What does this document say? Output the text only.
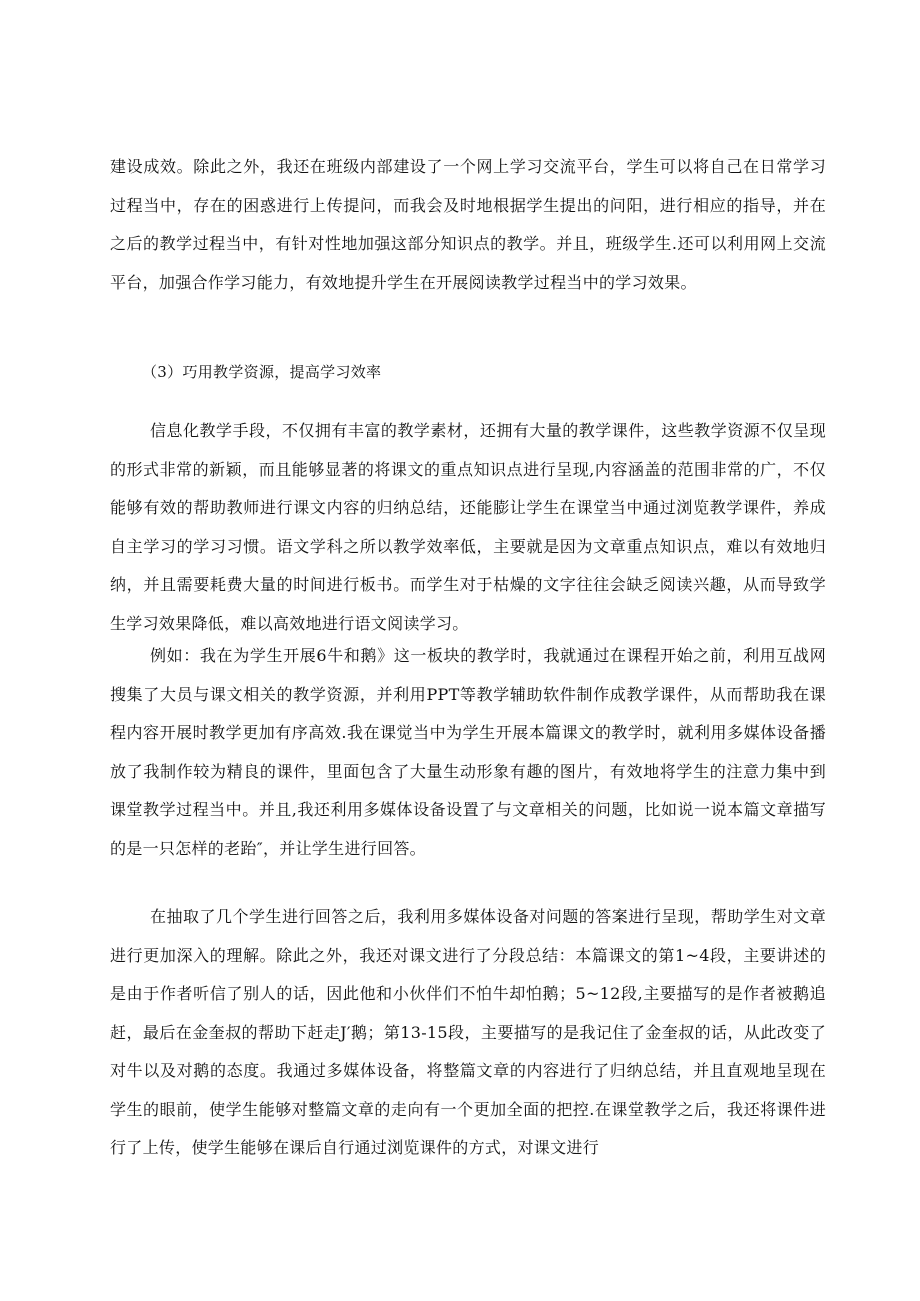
建设成效。除此之外，我还在班级内部建设了一个网上学习交流平台，学生可以将自己在日常学习过程当中，存在的困惑进行上传提问，而我会及时地根据学生提出的问阳，进行相应的指导，并在之后的教学过程当中，有针对性地加强这部分知识点的教学。并且，班级学生.还可以利用网上交流平台，加强合作学习能力，有效地提升学生在开展阅读教学过程当中的学习效果。

（3）巧用教学资源，提高学习效率

信息化教学手段，不仅拥有丰富的教学素材，还拥有大量的教学课件，这些教学资源不仅呈现的形式非常的新颖，而且能够显著的将课文的重点知识点进行呈现,内容涵盖的范围非常的广，不仅能够有效的帮助教师进行课文内容的归纳总结，还能膨让学生在课堂当中通过浏览教学课件，养成自主学习的学习习惯。语文学科之所以教学效率低，主要就是因为文章重点知识点，难以有效地归纳，并且需要耗费大量的时间进行板书。而学生对于枯燥的文字往往会缺乏阅读兴趣，从而导致学生学习效果降低，难以高效地进行语文阅读学习。

例如：我在为学生开展6牛和鹅》这一板块的教学时，我就通过在课程开始之前，利用互战网搜集了大员与课文相关的教学资源，并利用PPT等教学辅助软件制作成教学课件，从而帮助我在课程内容开展时教学更加有序高效.我在课觉当中为学生开展本篇课文的教学时，就利用多媒体设备播放了我制作较为精良的课件，里面包含了大量生动形象有趣的图片，有效地将学生的注意力集中到课堂教学过程当中。并且,我还利用多媒体设备设置了与文章相关的问题，比如说一说本篇文章描写的是一只怎样的老跆″，并让学生进行回答。

在抽取了几个学生进行回答之后，我利用多媒体设备对问题的答案进行呈现，帮助学生对文章进行更加深入的理解。除此之外，我还对课文进行了分段总结：本篇课文的第1~4段，主要讲述的是由于作者听信了别人的话，因此他和小伙伴们不怕牛却怕鹅；5~12段,主要描写的是作者被鹅追赶，最后在金奎叔的帮助下赶走J′鹅；第13-15段，主要描写的是我记住了金奎叔的话，从此改变了对牛以及对鹅的态度。我通过多媒体设备，将整篇文章的内容进行了归纳总结，并且直观地呈现在学生的眼前，使学生能够对整篇文章的走向有一个更加全面的把控.在课堂教学之后，我还将课件进行了上传，使学生能够在课后自行通过浏览课件的方式，对课文进行
